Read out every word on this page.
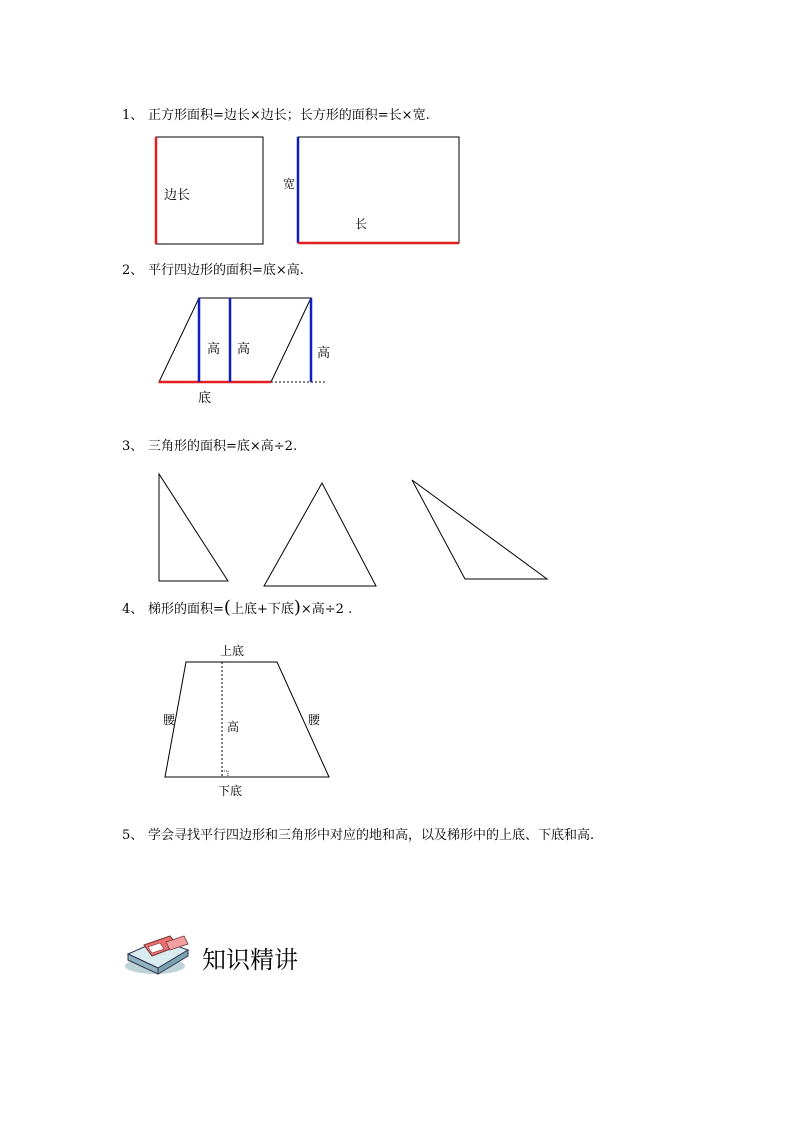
1、 正方形面积=边长×边长；长方形的面积=长×宽.
2、 平行四边形的面积=底×高.
3、 三角形的面积=底×高÷2.
4、 梯形的面积=(上底+下底)×高÷2 .
5、 学会寻找平行四边形和三角形中对应的地和高，以及梯形中的上底、下底和高.
边长
宽
长
高 高	高
底
上底
下底
高
腰	腰
知识精讲
